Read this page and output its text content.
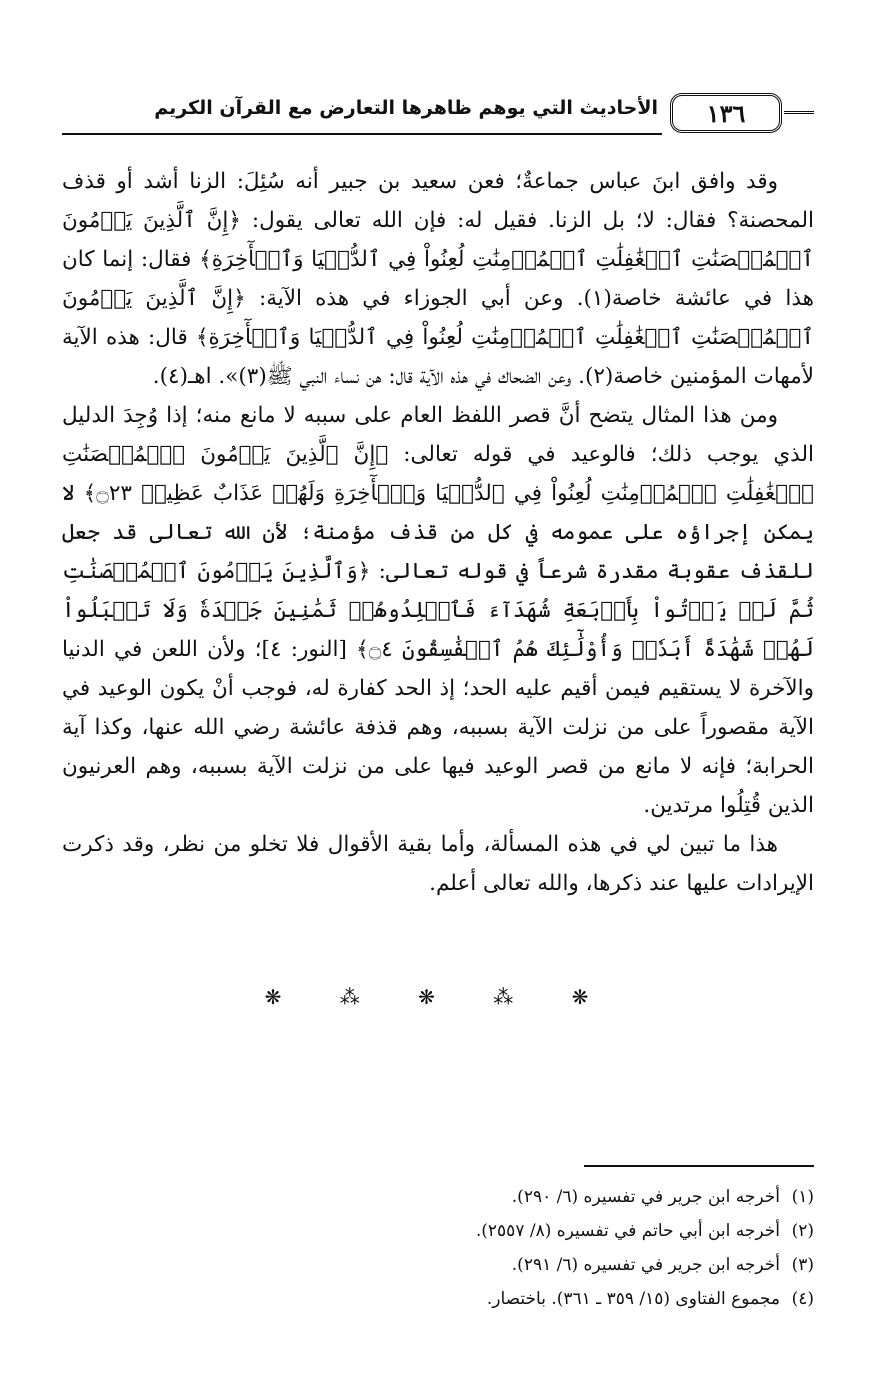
١٣٦
الأحاديث التي يوهم ظاهرها التعارض مع القرآن الكريم

وقد وافق ابنَ عباس جماعةٌ؛ فعن سعيد بن جبير أنه سُئِلَ: الزنا أشد أو قذف المحصنة؟ فقال: لا؛ بل الزنا. فقيل له: فإن الله تعالى يقول: ﴿إِنَّ ٱلَّذِينَ يَرۡمُونَ ٱلۡمُحۡصَنَٰتِ ٱلۡغَٰفِلَٰتِ ٱلۡمُؤۡمِنَٰتِ لُعِنُواْ فِي ٱلدُّنۡيَا وَٱلۡأٓخِرَةِ﴾ فقال: إنما كان هذا في عائشة خاصة(١). وعن أبي الجوزاء في هذه الآية: ﴿إِنَّ ٱلَّذِينَ يَرۡمُونَ ٱلۡمُحۡصَنَٰتِ ٱلۡغَٰفِلَٰتِ ٱلۡمُؤۡمِنَٰتِ لُعِنُواْ فِي ٱلدُّنۡيَا وَٱلۡأٓخِرَةِ﴾ قال: هذه الآية لأمهات المؤمنين خاصة(٢). وعن الضحاك في هذه الآية قال: هن نساء النبي ﷺ(٣)». اهـ(٤).

ومن هذا المثال يتضح أنَّ قصر اللفظ العام على سببه لا مانع منه؛ إذا وُجِدَ الدليل الذي يوجب ذلك؛ فالوعيد في قوله تعالى: ﴿إِنَّ ٱلَّذِينَ يَرۡمُونَ ٱلۡمُحۡصَنَٰتِ ٱلۡغَٰفِلَٰتِ ٱلۡمُؤۡمِنَٰتِ لُعِنُواْ فِي ٱلدُّنۡيَا وَٱلۡأٓخِرَةِ وَلَهُمۡ عَذَابٌ عَظِيمٞ ۝٢٣﴾ لا يمكن إجراؤه على عمومه في كل من قذف مؤمنة؛ لأن الله تعالى قد جعل للقذف عقوبة مقدرة شرعاً في قوله تعالى: ﴿وَٱلَّذِينَ يَرۡمُونَ ٱلۡمُحۡصَنَٰتِ ثُمَّ لَمۡ يَأۡتُواْ بِأَرۡبَعَةِ شُهَدَآءَ فَٱجۡلِدُوهُمۡ ثَمَٰنِينَ جَلۡدَةٗ وَلَا تَقۡبَلُواْ لَهُمۡ شَهَٰدَةً أَبَدٗاۚ وَأُوْلَٰٓئِكَ هُمُ ٱلۡفَٰسِقُونَ ۝٤﴾ [النور: ٤]؛ ولأن اللعن في الدنيا والآخرة لا يستقيم فيمن أقيم عليه الحد؛ إذ الحد كفارة له، فوجب أنْ يكون الوعيد في الآية مقصوراً على من نزلت الآية بسببه، وهم قذفة عائشة رضي الله عنها، وكذا آية الحرابة؛ فإنه لا مانع من قصر الوعيد فيها على من نزلت الآية بسببه، وهم العرنيون الذين قُتِلُوا مرتدين.

هذا ما تبين لي في هذه المسألة، وأما بقية الأقوال فلا تخلو من نظر، وقد ذكرت الإيرادات عليها عند ذكرها، والله تعالى أعلم.

❋ ⁂ ❋ ⁂ ❋
(١)أخرجه ابن جرير في تفسيره (٦/ ٢٩٠).
(٢)أخرجه ابن أبي حاتم في تفسيره (٨/ ٢٥٥٧).
(٣)أخرجه ابن جرير في تفسيره (٦/ ٢٩١).
(٤)مجموع الفتاوى (١٥/ ٣٥٩ ـ ٣٦١). باختصار.
